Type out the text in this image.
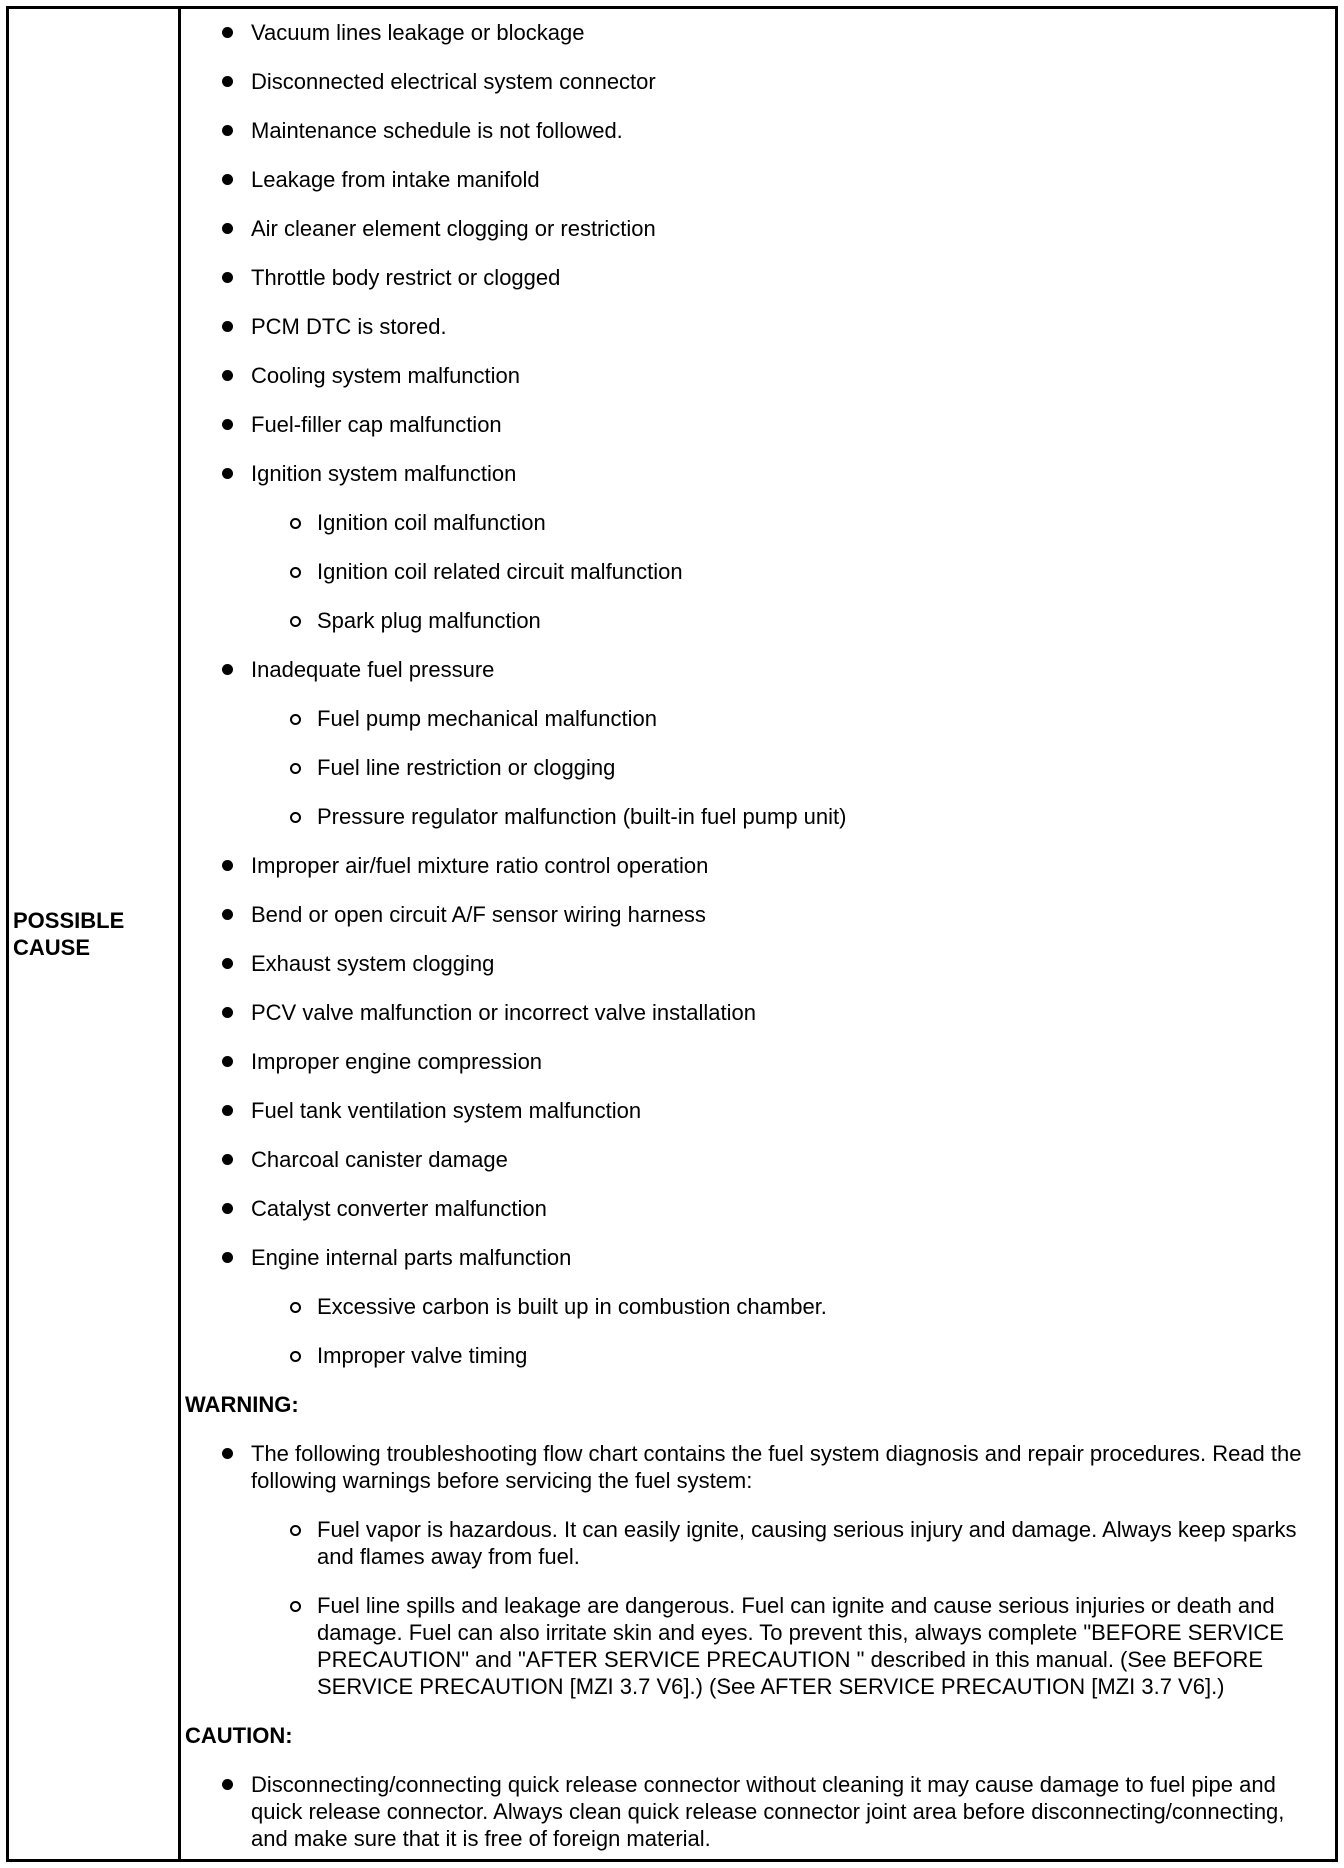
POSSIBLE
CAUSE
Vacuum lines leakage or blockage
Disconnected electrical system connector
Maintenance schedule is not followed.
Leakage from intake manifold
Air cleaner element clogging or restriction
Throttle body restrict or clogged
PCM DTC is stored.
Cooling system malfunction
Fuel-filler cap malfunction
Ignition system malfunction
Ignition coil malfunction
Ignition coil related circuit malfunction
Spark plug malfunction
Inadequate fuel pressure
Fuel pump mechanical malfunction
Fuel line restriction or clogging
Pressure regulator malfunction (built-in fuel pump unit)
Improper air/fuel mixture ratio control operation
Bend or open circuit A/F sensor wiring harness
Exhaust system clogging
PCV valve malfunction or incorrect valve installation
Improper engine compression
Fuel tank ventilation system malfunction
Charcoal canister damage
Catalyst converter malfunction
Engine internal parts malfunction
Excessive carbon is built up in combustion chamber.
Improper valve timing
WARNING:
The following troubleshooting flow chart contains the fuel system diagnosis and repair procedures. Read the following warnings before servicing the fuel system:
Fuel vapor is hazardous. It can easily ignite, causing serious injury and damage. Always keep sparks and flames away from fuel.
Fuel line spills and leakage are dangerous. Fuel can ignite and cause serious injuries or death and damage. Fuel can also irritate skin and eyes. To prevent this, always complete "BEFORE SERVICE PRECAUTION" and "AFTER SERVICE PRECAUTION " described in this manual. (See BEFORE SERVICE PRECAUTION [MZI 3.7 V6].) (See AFTER SERVICE PRECAUTION [MZI 3.7 V6].)
CAUTION:
Disconnecting/connecting quick release connector without cleaning it may cause damage to fuel pipe and quick release connector. Always clean quick release connector joint area before disconnecting/connecting, and make sure that it is free of foreign material.
